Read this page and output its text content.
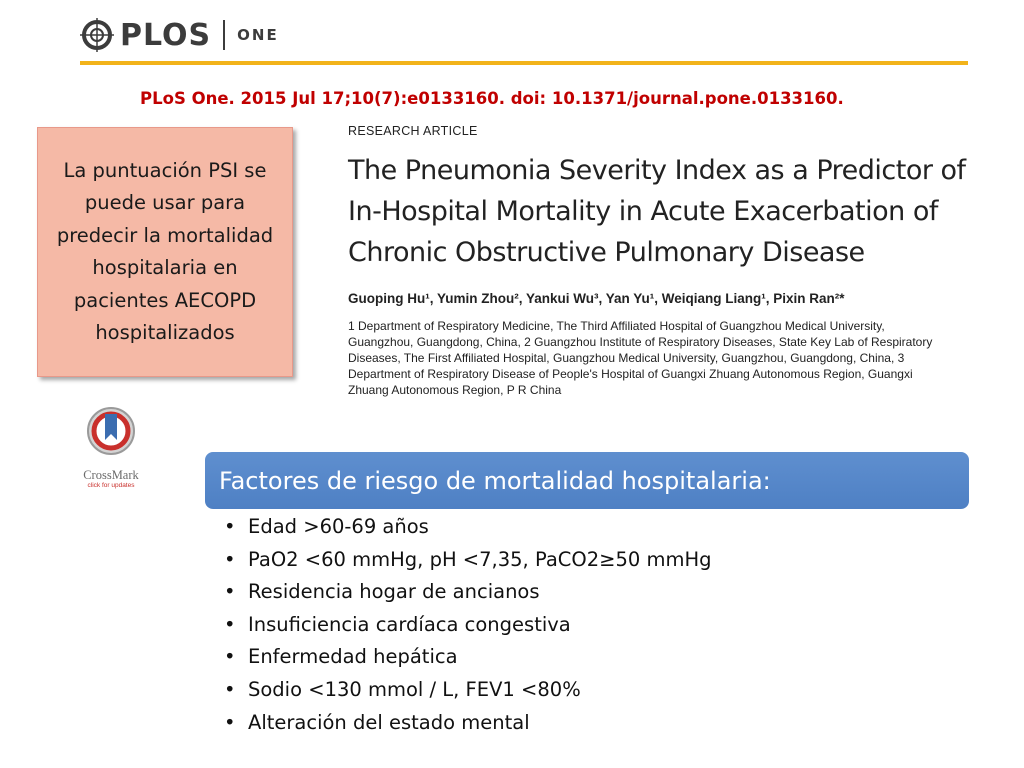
PLOS ONE
PLoS One. 2015 Jul 17;10(7):e0133160. doi: 10.1371/journal.pone.0133160.
La puntuación PSI se puede usar para predecir la mortalidad hospitalaria en pacientes AECOPD hospitalizados
RESEARCH ARTICLE
The Pneumonia Severity Index as a Predictor of In-Hospital Mortality in Acute Exacerbation of Chronic Obstructive Pulmonary Disease
Guoping Hu¹, Yumin Zhou², Yankui Wu³, Yan Yu¹, Weiqiang Liang¹, Pixin Ran²*
1 Department of Respiratory Medicine, The Third Affiliated Hospital of Guangzhou Medical University, Guangzhou, Guangdong, China, 2 Guangzhou Institute of Respiratory Diseases, State Key Lab of Respiratory Diseases, The First Affiliated Hospital, Guangzhou Medical University, Guangzhou, Guangdong, China, 3 Department of Respiratory Disease of People's Hospital of Guangxi Zhuang Autonomous Region, Guangxi Zhuang Autonomous Region, P R China
CrossMark
click for updates	Factores de riesgo de mortalidad hospitalaria:
• Edad >60-69 años
• PaO2 <60 mmHg, pH <7,35, PaCO2≥50 mmHg
• Residencia hogar de ancianos
• Insuficiencia cardíaca congestiva
• Enfermedad hepática
• Sodio <130 mmol / L, FEV1 <80%
• Alteración del estado mental
